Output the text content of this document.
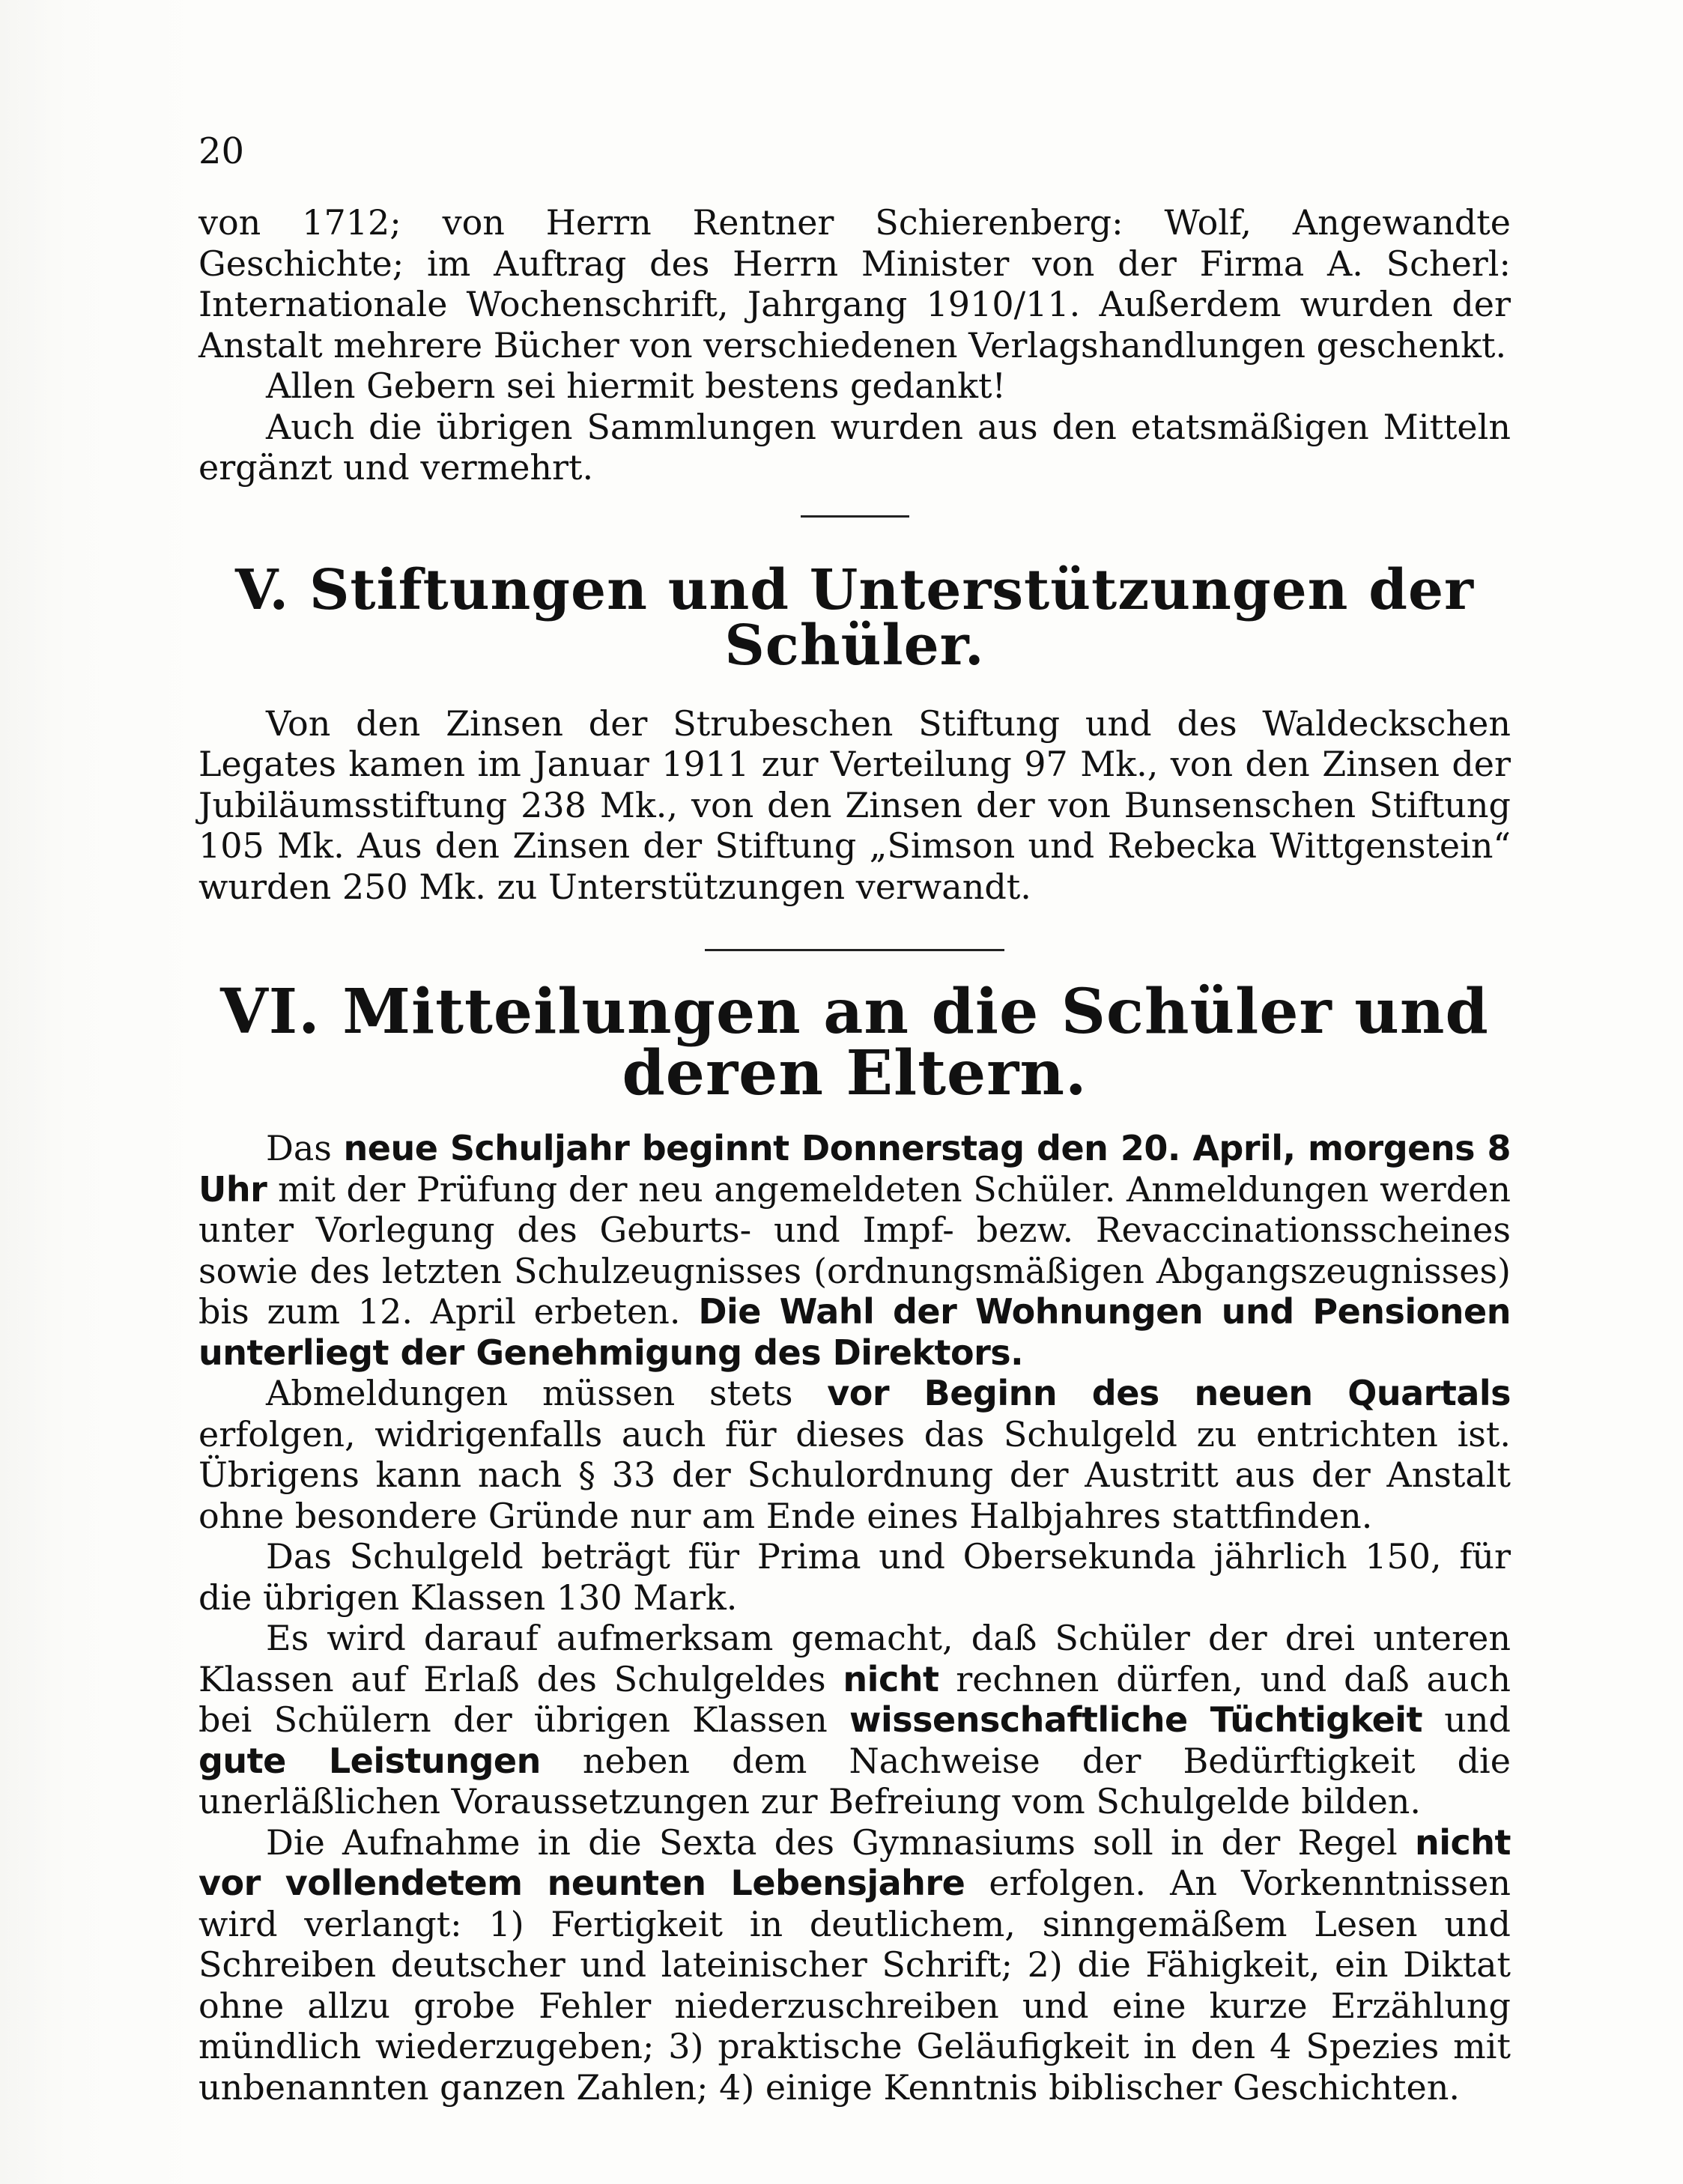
20

von 1712; von Herrn Rentner Schierenberg: Wolf, Angewandte Geschichte; im Auftrag des Herrn Minister von der Firma A. Scherl: Internationale Wochenschrift, Jahrgang 1910/11. Außerdem wurden der Anstalt mehrere Bücher von verschiedenen Verlagshandlungen geschenkt.

Allen Gebern sei hiermit bestens gedankt!

Auch die übrigen Sammlungen wurden aus den etatsmäßigen Mitteln ergänzt und vermehrt.

V. Stiftungen und Unterstützungen der Schüler.

Von den Zinsen der Strubeschen Stiftung und des Waldeckschen Legates kamen im Januar 1911 zur Verteilung 97 Mk., von den Zinsen der Jubiläumsstiftung 238 Mk., von den Zinsen der von Bunsenschen Stiftung 105 Mk. Aus den Zinsen der Stiftung „Simson und Rebecka Wittgenstein“ wurden 250 Mk. zu Unterstützungen verwandt.

VI. Mitteilungen an die Schüler und deren Eltern.

Das neue Schuljahr beginnt Donnerstag den 20. April, morgens 8 Uhr mit der Prüfung der neu angemeldeten Schüler. Anmeldungen werden unter Vorlegung des Geburts- und Impf- bezw. Revaccinationsscheines sowie des letzten Schulzeugnisses (ordnungsmäßigen Abgangszeugnisses) bis zum 12. April erbeten. Die Wahl der Wohnungen und Pensionen unterliegt der Genehmigung des Direktors.

Abmeldungen müssen stets vor Beginn des neuen Quartals erfolgen, widrigenfalls auch für dieses das Schulgeld zu entrichten ist. Übrigens kann nach § 33 der Schulordnung der Austritt aus der Anstalt ohne besondere Gründe nur am Ende eines Halbjahres stattfinden.

Das Schulgeld beträgt für Prima und Obersekunda jährlich 150, für die übrigen Klassen 130 Mark.

Es wird darauf aufmerksam gemacht, daß Schüler der drei unteren Klassen auf Erlaß des Schulgeldes nicht rechnen dürfen, und daß auch bei Schülern der übrigen Klassen wissenschaftliche Tüchtigkeit und gute Leistungen neben dem Nachweise der Bedürftigkeit die unerläßlichen Voraussetzungen zur Befreiung vom Schulgelde bilden.

Die Aufnahme in die Sexta des Gymnasiums soll in der Regel nicht vor vollendetem neunten Lebensjahre erfolgen. An Vorkenntnissen wird verlangt: 1) Fertigkeit in deutlichem, sinngemäßem Lesen und Schreiben deutscher und lateinischer Schrift; 2) die Fähigkeit, ein Diktat ohne allzu grobe Fehler niederzuschreiben und eine kurze Erzählung mündlich wiederzugeben; 3) praktische Geläufigkeit in den 4 Spezies mit unbenannten ganzen Zahlen; 4) einige Kenntnis biblischer Geschichten.
